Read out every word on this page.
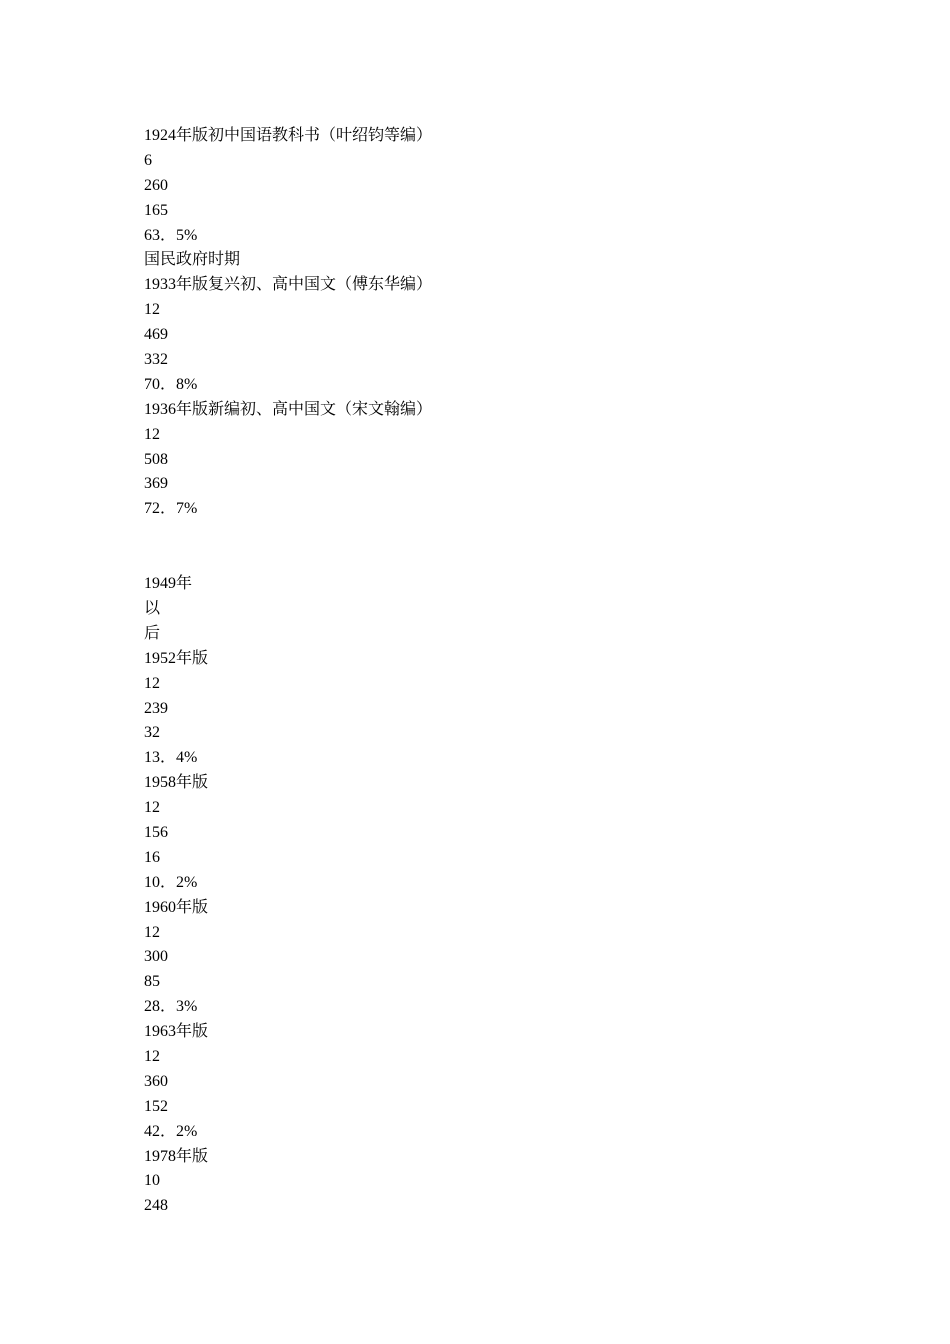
1924年版初中国语教科书（叶绍钧等编）
6
260
165
63．5%
国民政府时期
1933年版复兴初、高中国文（傅东华编）
12
469
332
70．8%
1936年版新编初、高中国文（宋文翰编）
12
508
369
72．7%
1949年
以
后
1952年版
12
239
32
13．4%
1958年版
12
156
16
10．2%
1960年版
12
300
85
28．3%
1963年版
12
360
152
42．2%
1978年版
10
248
